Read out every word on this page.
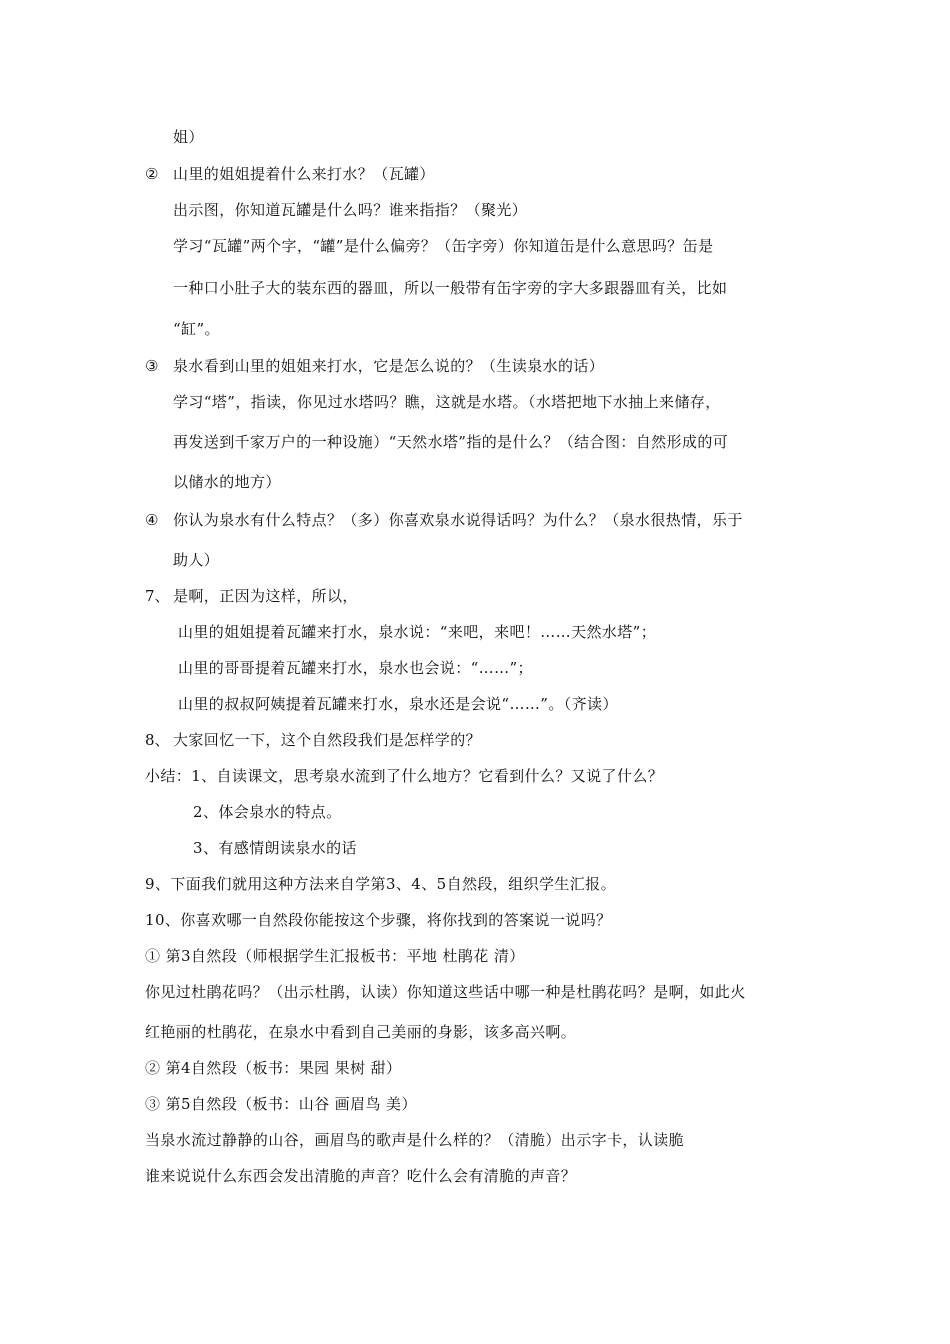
姐）
② 山里的姐姐提着什么来打水？（瓦罐）
出示图，你知道瓦罐是什么吗？谁来指指？（聚光）
学习“瓦罐”两个字，“罐”是什么偏旁？（缶字旁）你知道缶是什么意思吗？缶是
一种口小肚子大的装东西的器皿，所以一般带有缶字旁的字大多跟器皿有关，比如
“缸”。
③ 泉水看到山里的姐姐来打水，它是怎么说的？（生读泉水的话）
学习“塔”，指读，你见过水塔吗？瞧，这就是水塔。（水塔把地下水抽上来储存，
再发送到千家万户的一种设施）“天然水塔”指的是什么？（结合图：自然形成的可
以储水的地方）
④ 你认为泉水有什么特点？（多）你喜欢泉水说得话吗？为什么？（泉水很热情，乐于
助人）
7、 是啊，正因为这样，所以，
山里的姐姐提着瓦罐来打水，泉水说：“来吧，来吧！……天然水塔”；
山里的哥哥提着瓦罐来打水，泉水也会说：“……”；
山里的叔叔阿姨提着瓦罐来打水，泉水还是会说“……”。（齐读）
8、 大家回忆一下，这个自然段我们是怎样学的？
小结：1、自读课文，思考泉水流到了什么地方？它看到什么？又说了什么？
2、体会泉水的特点。
3、有感情朗读泉水的话
9、下面我们就用这种方法来自学第3、4、5自然段，组织学生汇报。
10、你喜欢哪一自然段你能按这个步骤，将你找到的答案说一说吗？
① 第3自然段（师根据学生汇报板书：平地 杜鹃花 清）
你见过杜鹃花吗？（出示杜鹃，认读）你知道这些话中哪一种是杜鹃花吗？是啊，如此火
红艳丽的杜鹃花，在泉水中看到自己美丽的身影，该多高兴啊。
② 第4自然段（板书：果园 果树 甜）
③ 第5自然段（板书：山谷 画眉鸟 美）
当泉水流过静静的山谷，画眉鸟的歌声是什么样的？（清脆）出示字卡，认读脆
谁来说说什么东西会发出清脆的声音？吃什么会有清脆的声音？
